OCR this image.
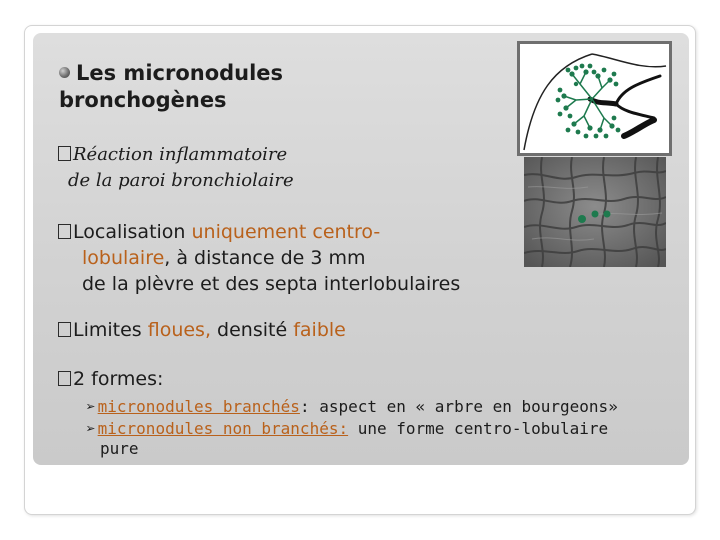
Les micronodules
bronchogènes
Réaction inflammatoire
de la paroi bronchiolaire
Localisation uniquement centro-
lobulaire, à distance de 3 mm
de la plèvre et des septa interlobulaires
Limites floues, densité faible
2 formes:
➢ micronodules branchés: aspect en « arbre en bourgeons»
➢ micronodules non branchés: une forme centro-lobulaire
pure
